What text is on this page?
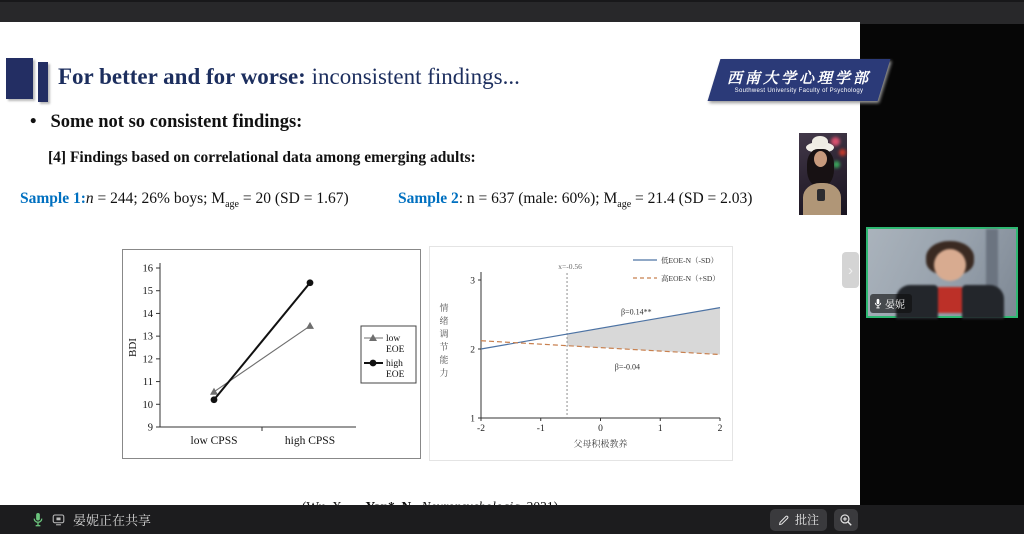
For better and for worse: inconsistent findings...	西南大学心理学部
Southwest University Faculty of Psychology
• Some not so consistent findings:
[4] Findings based on correlational data among emerging adults:
Sample 1:n = 244; 26% boys; $M_{age} = 20$ (SD = 1.67)	Sample 2: n = 637 (male: 60%); $M_{age} = 21.4$ (SD = 2.03)
9
10
11
12
13
14
15
16
low CPSS	high CPSS
BDI	low
EOE
high
EOE
-2	-1	0	1	2
1
2
3
x=-0.56
β=0.14**
β=-0.04
低EOE-N（-SD）
高EOE-N（+SD）
情
绪
调
节
能
力
父母积极教养
›
晏妮
晏妮正在共享	批注
